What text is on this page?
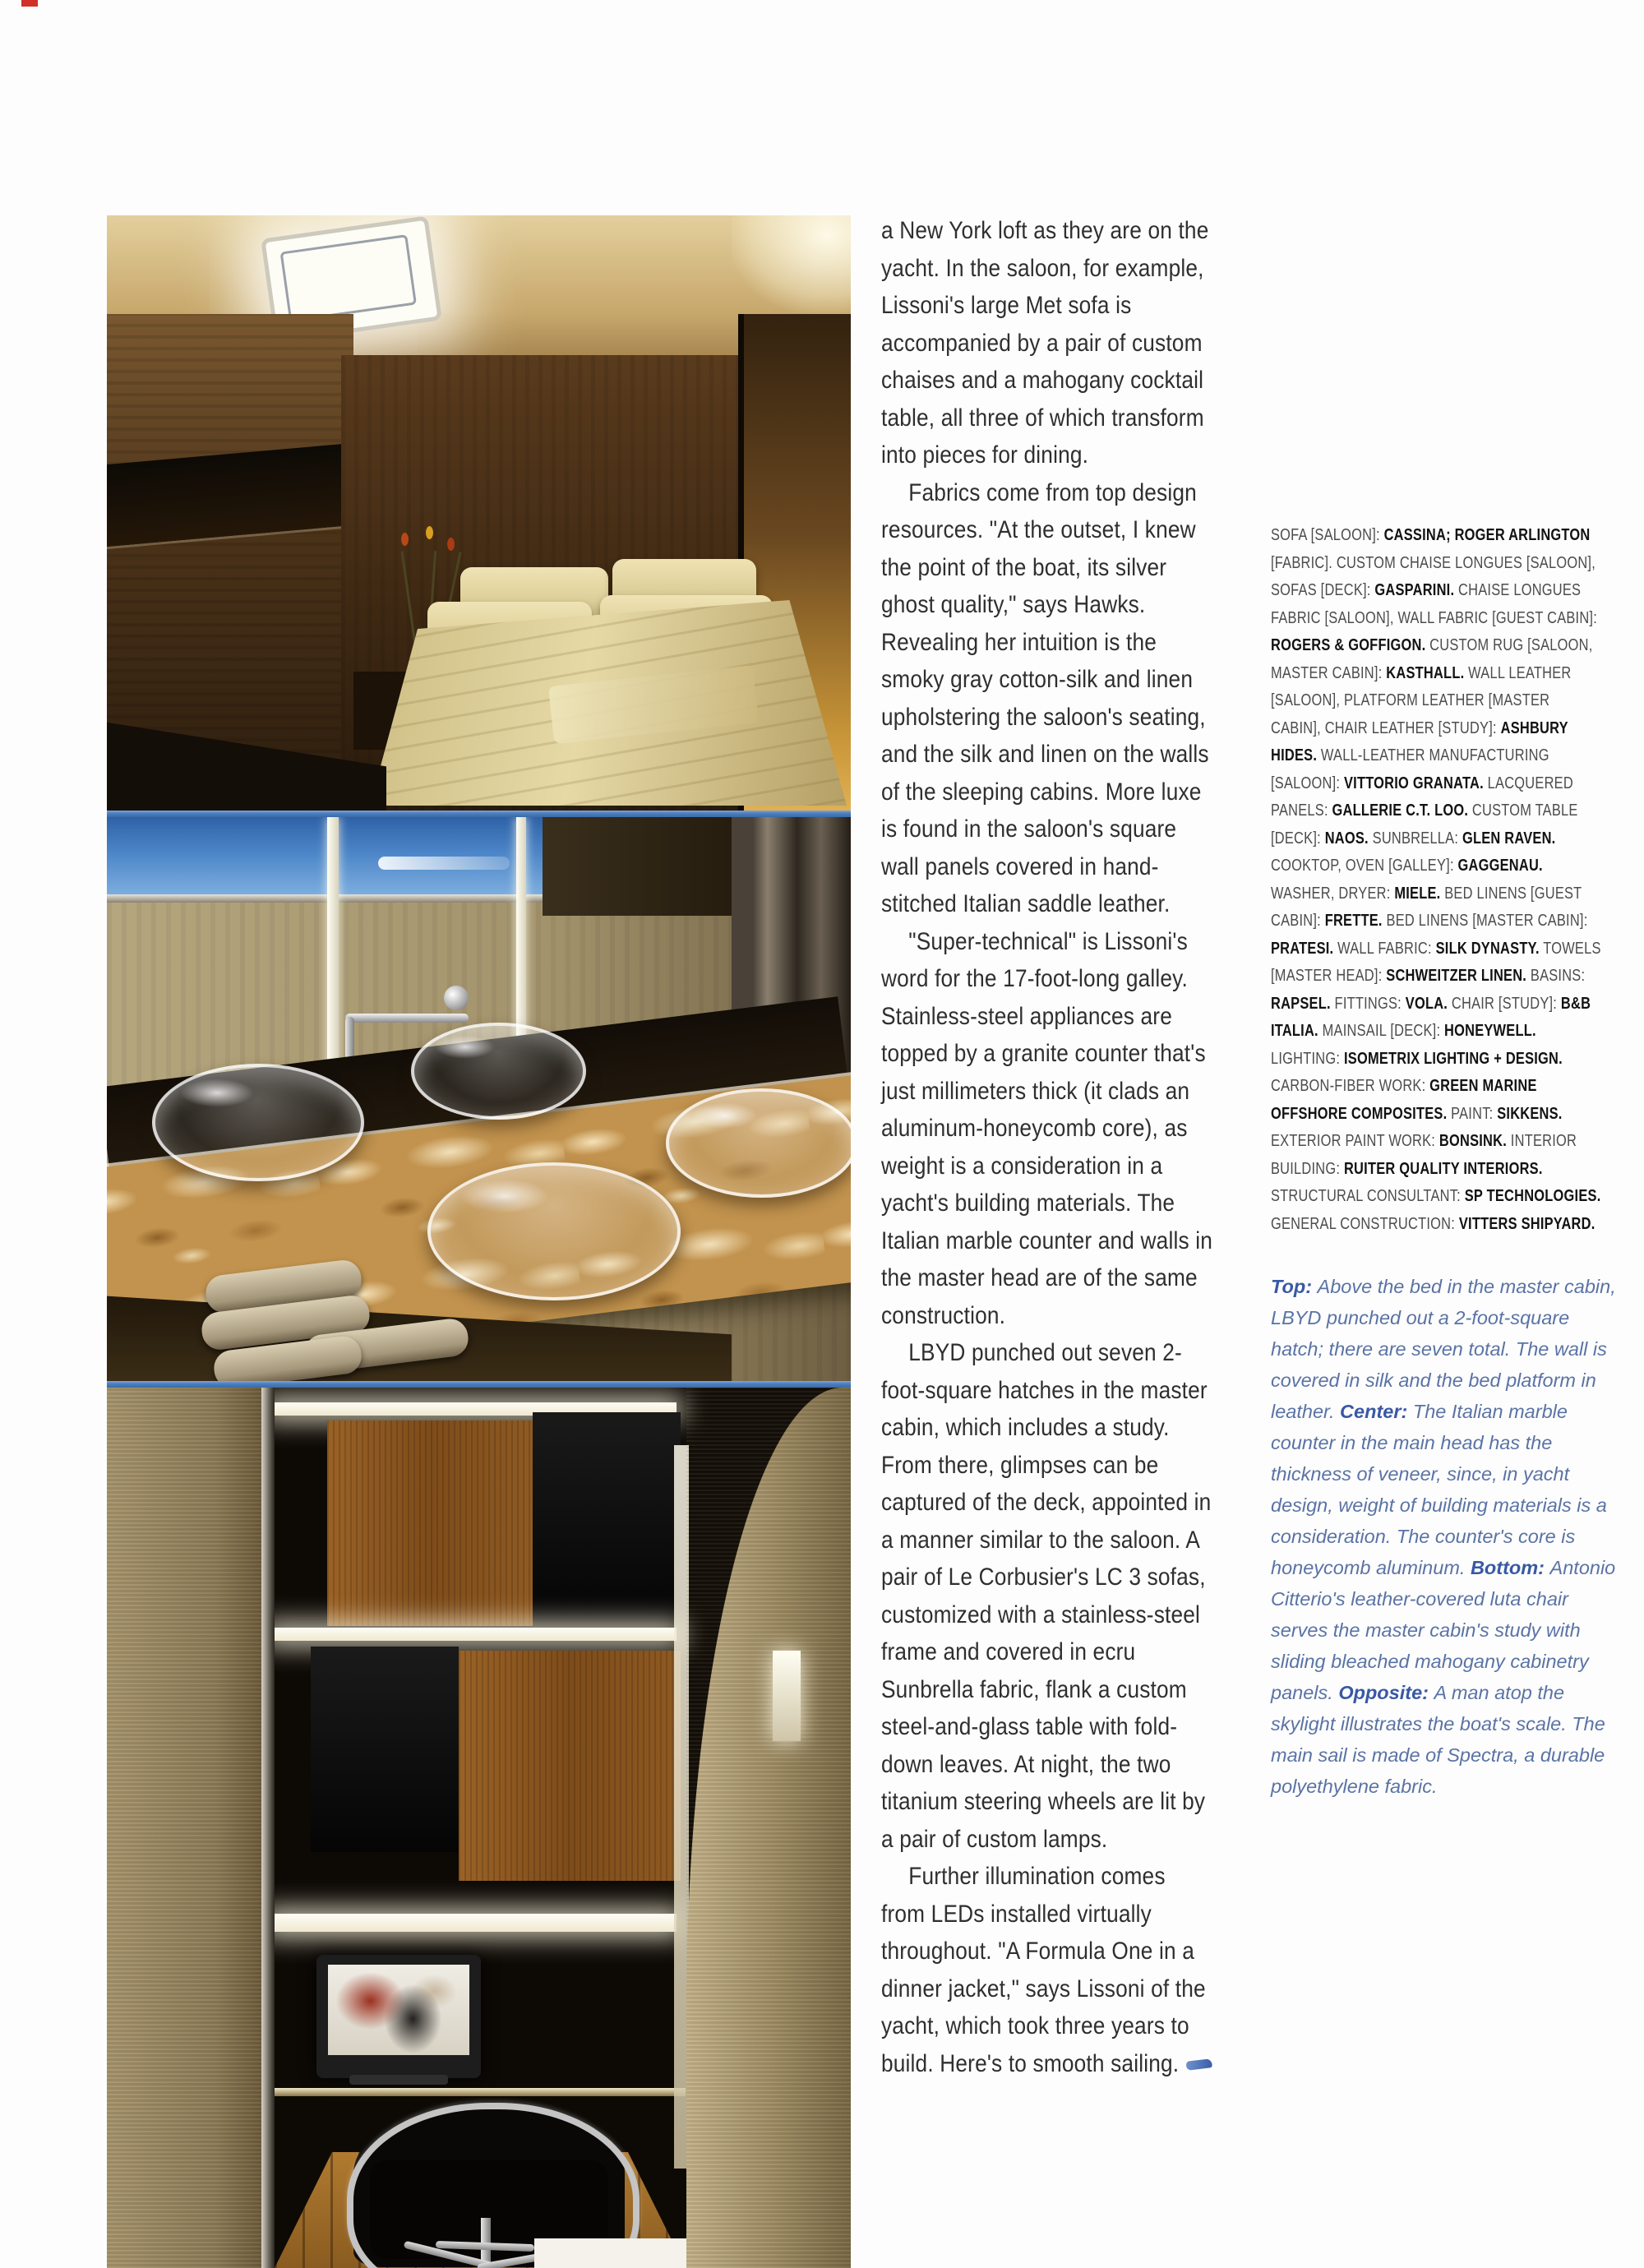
a New York loft as they are on the yacht. In the saloon, for example, Lissoni's large Met sofa is accompanied by a pair of custom chaises and a mahogany cocktail table, all three of which transform into pieces for dining.

Fabrics come from top design resources. "At the outset, I knew the point of the boat, its silver ghost quality," says Hawks. Revealing her intuition is the smoky gray cotton-silk and linen upholstering the saloon's seating, and the silk and linen on the walls of the sleeping cabins. More luxe is found in the saloon's square wall panels covered in hand-stitched Italian saddle leather.

"Super-technical" is Lissoni's word for the 17-foot-long galley. Stainless-steel appliances are topped by a granite counter that's just millimeters thick (it clads an aluminum-honeycomb core), as weight is a consideration in a yacht's building materials. The Italian marble counter and walls in the master head are of the same construction.

LBYD punched out seven 2-foot-square hatches in the master cabin, which includes a study. From there, glimpses can be captured of the deck, appointed in a manner similar to the saloon. A pair of Le Corbusier's LC 3 sofas, customized with a stainless-steel frame and covered in ecru Sunbrella fabric, flank a custom steel-and-glass table with fold-down leaves. At night, the two titanium steering wheels are lit by a pair of custom lamps.

Further illumination comes from LEDs installed virtually throughout. "A Formula One in a dinner jacket," says Lissoni of the yacht, which took three years to build. Here's to smooth sailing.

SOFA [SALOON]: CASSINA; ROGER ARLINGTON [FABRIC]. CUSTOM CHAISE LONGUES [SALOON], SOFAS [DECK]: GASPARINI. CHAISE LONGUES FABRIC [SALOON], WALL FABRIC [GUEST CABIN]: ROGERS & GOFFIGON. CUSTOM RUG [SALOON, MASTER CABIN]: KASTHALL. WALL LEATHER [SALOON], PLATFORM LEATHER [MASTER CABIN], CHAIR LEATHER [STUDY]: ASHBURY HIDES. WALL-LEATHER MANUFACTURING [SALOON]: VITTORIO GRANATA. LACQUERED PANELS: GALLERIE C.T. LOO. CUSTOM TABLE [DECK]: NAOS. SUNBRELLA: GLEN RAVEN. COOKTOP, OVEN [GALLEY]: GAGGENAU. WASHER, DRYER: MIELE. BED LINENS [GUEST CABIN]: FRETTE. BED LINENS [MASTER CABIN]: PRATESI. WALL FABRIC: SILK DYNASTY. TOWELS [MASTER HEAD]: SCHWEITZER LINEN. BASINS: RAPSEL. FITTINGS: VOLA. CHAIR [STUDY]: B&B ITALIA. MAINSAIL [DECK]: HONEYWELL. LIGHTING: ISOMETRIX LIGHTING + DESIGN. CARBON-FIBER WORK: GREEN MARINE OFFSHORE COMPOSITES. PAINT: SIKKENS. EXTERIOR PAINT WORK: BONSINK. INTERIOR BUILDING: RUITER QUALITY INTERIORS. STRUCTURAL CONSULTANT: SP TECHNOLOGIES. GENERAL CONSTRUCTION: VITTERS SHIPYARD.
Top: Above the bed in the master cabin, LBYD punched out a 2-foot-square hatch; there are seven total. The wall is covered in silk and the bed platform in leather. Center: The Italian marble counter in the main head has the thickness of veneer, since, in yacht design, weight of building materials is a consideration. The counter's core is honeycomb aluminum. Bottom: Antonio Citterio's leather-covered luta chair serves the master cabin's study with sliding bleached mahogany cabinetry panels. Opposite: A man atop the skylight illustrates the boat's scale. The main sail is made of Spectra, a durable polyethylene fabric.
